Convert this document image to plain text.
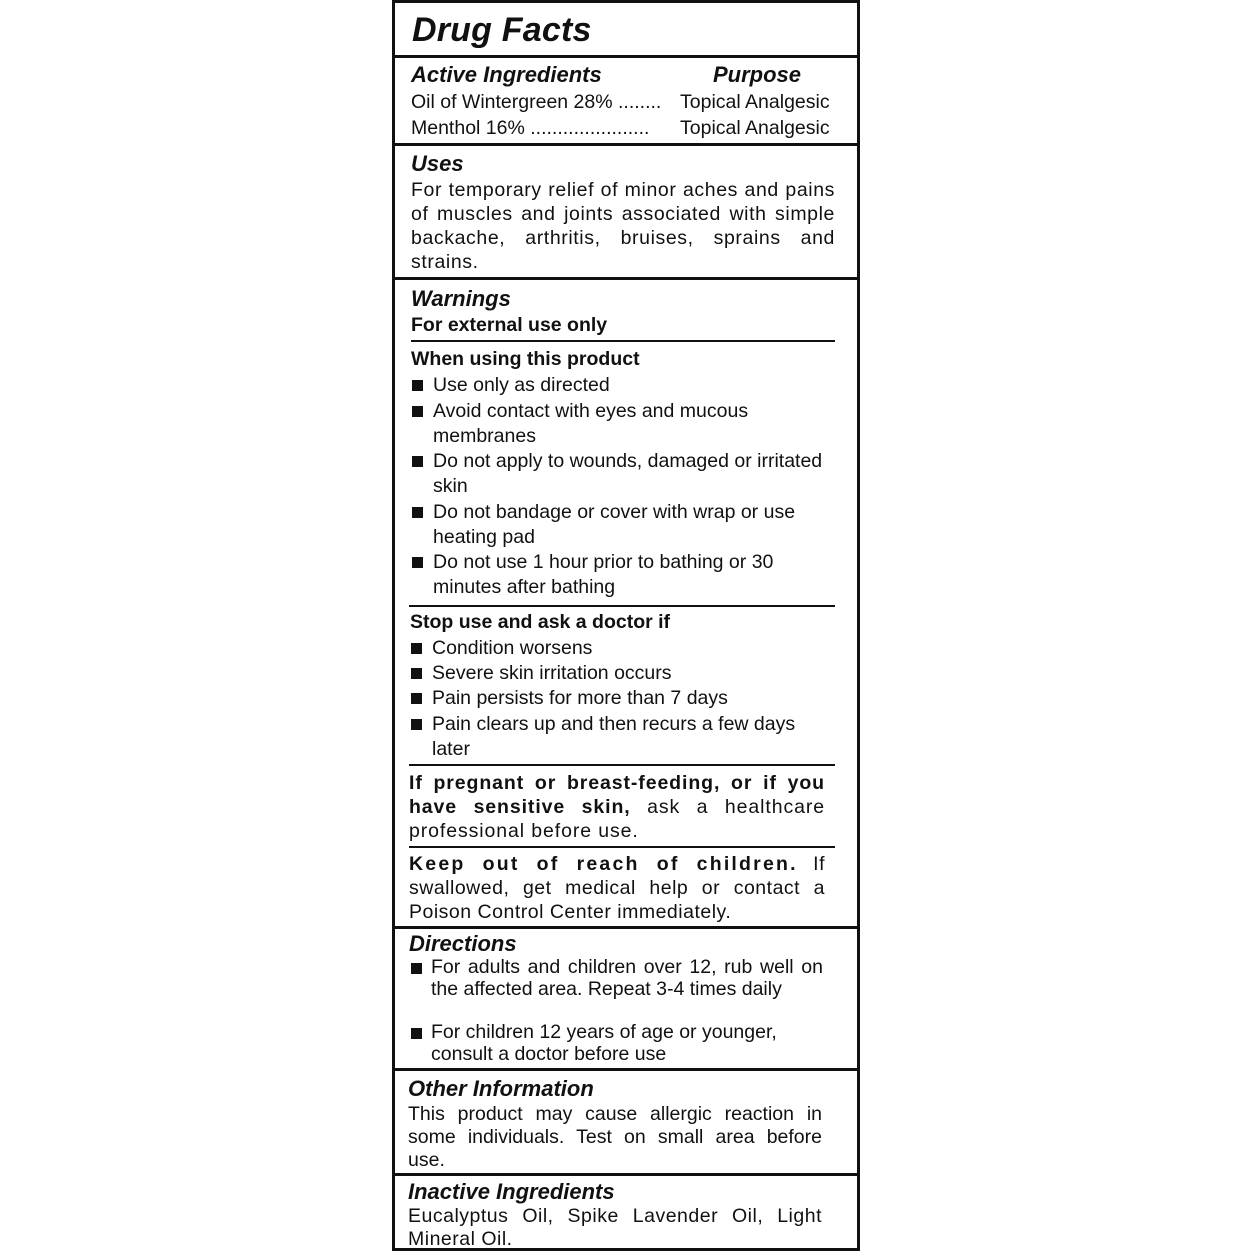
Drug Facts
Active Ingredients	Purpose
Oil of Wintergreen 28% ........ Topical Analgesic
Menthol 16% ...................... Topical Analgesic
Uses
For temporary relief of minor aches and pains of muscles and joints associated with simple backache, arthritis, bruises, sprains and strains.
Warnings
For external use only
When using this product
Use only as directed
Avoid contact with eyes and mucous membranes
Do not apply to wounds, damaged or irritated skin
Do not bandage or cover with wrap or use heating pad
Do not use 1 hour prior to bathing or 30 minutes after bathing
Stop use and ask a doctor if
Condition worsens
Severe skin irritation occurs
Pain persists for more than 7 days
Pain clears up and then recurs a few days later
If pregnant or breast-feeding, or if you have sensitive skin, ask a healthcare professional before use.
Keep out of reach of children. If swallowed, get medical help or contact a Poison Control Center immediately.
Directions
For adults and children over 12, rub well on the affected area. Repeat 3-4 times daily
For children 12 years of age or younger, consult a doctor before use
Other Information
This product may cause allergic reaction in some individuals. Test on small area before use.
Inactive Ingredients
Eucalyptus Oil, Spike Lavender Oil, Light Mineral Oil.
